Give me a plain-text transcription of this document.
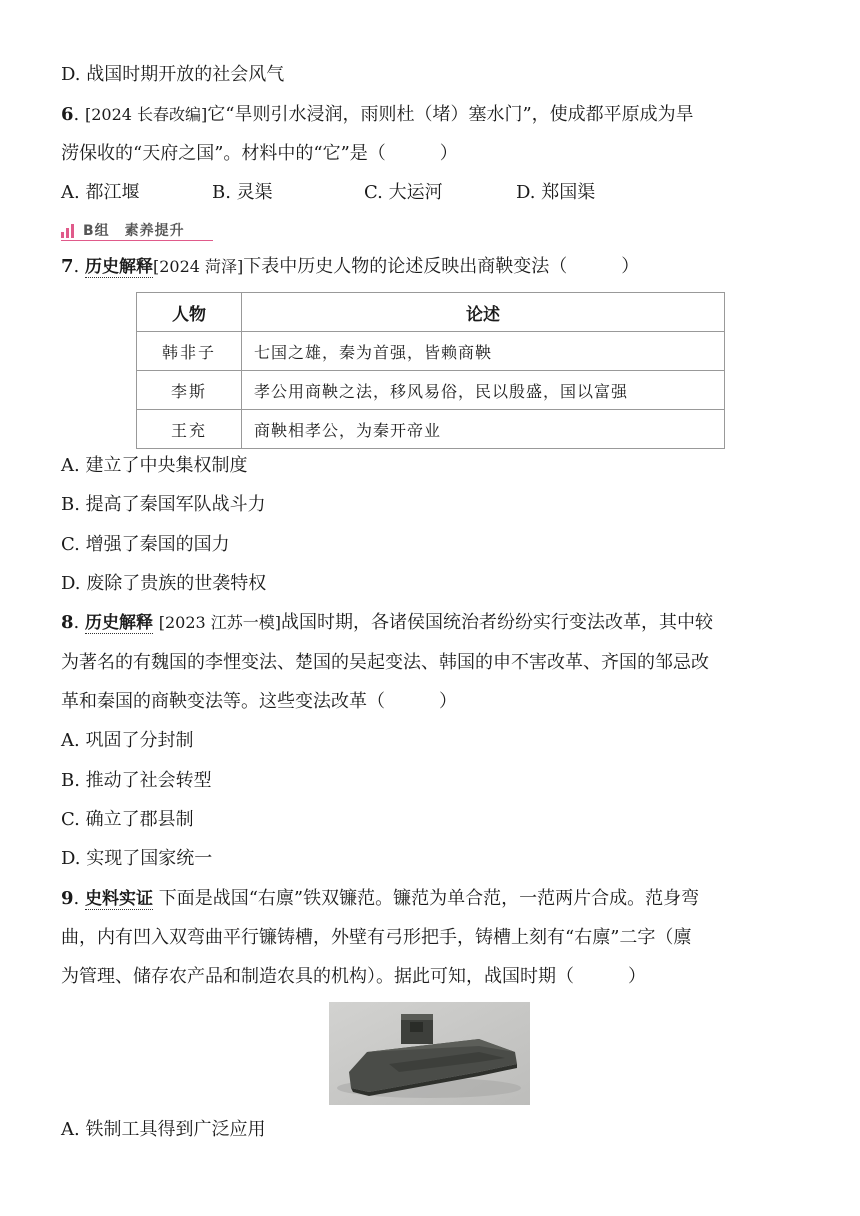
D. 战国时期开放的社会风气
6. [2024 长春改编]它“旱则引水浸润，雨则杜（堵）塞水门”，使成都平原成为旱
涝保收的“天府之国”。材料中的“它”是（　　　）
A. 都江堰	B. 灵渠	C. 大运河	D. 郑国渠
B组　素养提升
7. 历史解释[2024 菏泽]下表中历史人物的论述反映出商鞅变法（　　　）
人物	论述
韩非子	七国之雄，秦为首强，皆赖商鞅
李斯	孝公用商鞅之法，移风易俗，民以殷盛，国以富强
王充	商鞅相孝公，为秦开帝业
A. 建立了中央集权制度
B. 提高了秦国军队战斗力
C. 增强了秦国的国力
D. 废除了贵族的世袭特权
8. 历史解释 [2023 江苏一模]战国时期，各诸侯国统治者纷纷实行变法改革，其中较
为著名的有魏国的李悝变法、楚国的吴起变法、韩国的申不害改革、齐国的邹忌改
革和秦国的商鞅变法等。这些变法改革（　　　）
A. 巩固了分封制
B. 推动了社会转型
C. 确立了郡县制
D. 实现了国家统一
9. 史料实证 下面是战国“右廪”铁双镰范。镰范为单合范，一范两片合成。范身弯
曲，内有凹入双弯曲平行镰铸槽，外壁有弓形把手，铸槽上刻有“右廪”二字（廪
为管理、储存农产品和制造农具的机构）。据此可知，战国时期（　　　）
A. 铁制工具得到广泛应用
